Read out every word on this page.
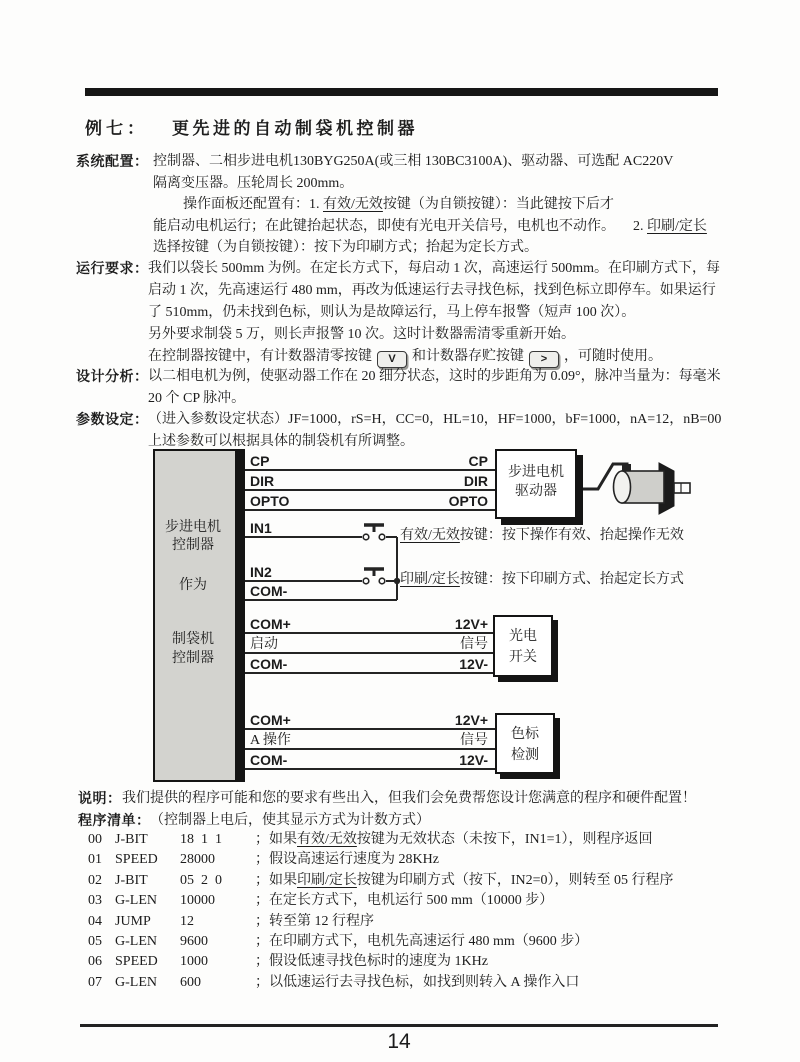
例七： 更先进的自动制袋机控制器
系统配置： 控制器、二相步进电机130BYG250A(或三相 130BC3100A)、驱动器、可选配 AC220V
隔离变压器。压轮周长 200mm。
操作面板还配置有：1. 有效/无效按键（为自锁按键）：当此键按下后才
能启动电机运行；在此键抬起状态，即使有光电开关信号，电机也不动作。 2. 印刷/定长
选择按键（为自锁按键）：按下为印刷方式；抬起为定长方式。
运行要求： 我们以袋长 500mm 为例。在定长方式下，每启动 1 次，高速运行 500mm。在印刷方式下，每
启动 1 次，先高速运行 480 mm，再改为低速运行去寻找色标，找到色标立即停车。如果运行
了 510mm，仍未找到色标，则认为是故障运行，马上停车报警（短声 100 次）。
另外要求制袋 5 万，则长声报警 10 次。这时计数器需清零重新开始。
在控制器按键中，有计数器清零按键 V 和计数器存贮按键 > ，可随时使用。
设计分析： 以二相电机为例，使驱动器工作在 20 细分状态，这时的步距角为 0.09°，脉冲当量为：每毫米
20 个 CP 脉冲。
参数设定： （进入参数设定状态）JF=1000，rS=H，CC=0，HL=10，HF=1000，bF=1000，nA=12，nB=00
上述参数可以根据具体的制袋机有所调整。
步进电机
控制器
作为
制袋机
控制器
步进电机
驱动器
光电
开关
色标
检测
CP
DIR
OPTO
IN1
IN2
COM-
COM+
启动
COM-
COM+
A 操作
COM-
CP
DIR
OPTO
12V+
信号
12V-
12V+
信号
12V-
有效/无效按键：按下操作有效、抬起操作无效
印刷/定长按键：按下印刷方式、抬起定长方式
说明： 我们提供的程序可能和您的要求有些出入，但我们会免费帮您设计您满意的程序和硬件配置！
程序清单： （控制器上电后，使其显示方式为计数方式）
00 J-BIT 18  1  1 ；如果有效/无效按键为无效状态（未按下，IN1=1），则程序返回
01 SPEED 28000	；假设高速运行速度为 28KHz
02 J-BIT 05  2  0 ；如果印刷/定长按键为印刷方式（按下，IN2=0），则转至 05 行程序
03 G-LEN 10000	；在定长方式下，电机运行 500 mm（10000 步）
04 JUMP 12	；转至第 12 行程序
05 G-LEN 9600	；在印刷方式下，电机先高速运行 480 mm（9600 步）
06 SPEED 1000	；假设低速寻找色标时的速度为 1KHz
07 G-LEN 600	；以低速运行去寻找色标，如找到则转入 A 操作入口
14
